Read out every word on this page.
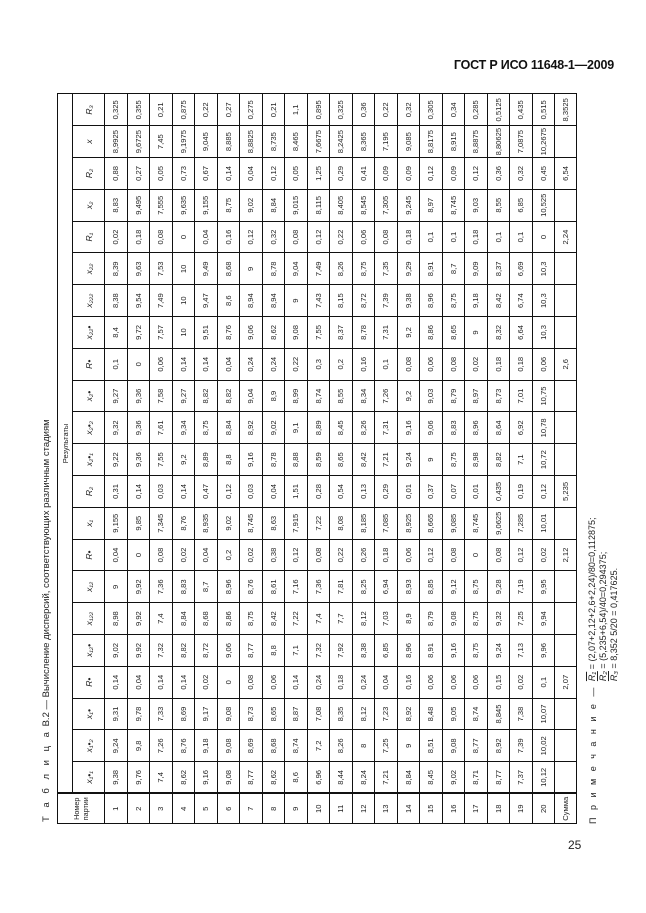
ГОСТ Р ИСО 11648-1—2009
Т а б л и ц а В.2 — Вычисление дисперсий, соответствующих различным стадиям
Номер партии	Результаты																					
	x₁•₁	x₁•₂	x₁•	R•	x₁₂•	x₁₂₂	x₁₂	R•	x₁	R₂	x₂•₁	x₂•₂	x₂•	R•	x₂₂•	x₂₂₂	x₂₂	R₁	x₂	R₂	x	R₃
1	9,38	9,24	9,31	0,14	9,02	8,98	9	0,04	9,155	0,31	9,22	9,32	9,27	0,1	8,4	8,38	8,39	0,02	8,83	0,88	8,9925	0,325
2	9,76	9,8	9,78	0,04	9,92	9,92	9,92	0	9,85	0,14	9,36	9,36	9,36	0	9,72	9,54	9,63	0,18	9,495	0,27	9,6725	0,355
3	7,4	7,26	7,33	0,14	7,32	7,4	7,36	0,08	7,345	0,03	7,55	7,61	7,58	0,06	7,57	7,49	7,53	0,08	7,555	0,05	7,45	0,21
4	8,62	8,76	8,69	0,14	8,82	8,84	8,83	0,02	8,76	0,14	9,2	9,34	9,27	0,14	10	10	10	0	9,635	0,73	9,1975	0,875
5	9,16	9,18	9,17	0,02	8,72	8,68	8,7	0,04	8,935	0,47	8,89	8,75	8,82	0,14	9,51	9,47	9,49	0,04	9,155	0,67	9,045	0,22
6	9,08	9,08	9,08	0	9,06	8,86	8,96	0,2	9,02	0,12	8,8	8,84	8,82	0,04	8,76	8,6	8,68	0,16	8,75	0,14	8,885	0,27
7	8,77	8,69	8,73	0,08	8,77	8,75	8,76	0,02	8,745	0,03	9,16	8,92	9,04	0,24	9,06	8,94	9	0,12	9,02	0,04	8,8825	0,275
8	8,62	8,68	8,65	0,06	8,8	8,42	8,61	0,38	8,63	0,04	8,78	9,02	8,9	0,24	8,62	8,94	8,78	0,32	8,84	0,12	8,735	0,21
9	8,6	8,74	8,87	0,14	7,1	7,22	7,16	0,12	7,915	1,51	8,88	9,1	8,99	0,22	9,08	9	9,04	0,08	9,015	0,05	8,465	1,1
10	6,96	7,2	7,08	0,24	7,32	7,4	7,36	0,08	7,22	0,28	8,59	8,89	8,74	0,3	7,55	7,43	7,49	0,12	8,115	1,25	7,6675	0,895
11	8,44	8,26	8,35	0,18	7,92	7,7	7,81	0,22	8,08	0,54	8,65	8,45	8,55	0,2	8,37	8,15	8,26	0,22	8,405	0,29	8,2425	0,325
12	8,24	8	8,12	0,24	8,38	8,12	8,25	0,26	8,185	0,13	8,42	8,26	8,34	0,16	8,78	8,72	8,75	0,06	8,545	0,41	8,365	0,36
13	7,21	7,25	7,23	0,04	6,85	7,03	6,94	0,18	7,085	0,29	7,21	7,31	7,26	0,1	7,31	7,39	7,35	0,08	7,305	0,09	7,195	0,22
14	8,84	9	8,92	0,16	8,96	8,9	8,93	0,06	8,925	0,01	9,24	9,16	9,2	0,08	9,2	9,38	9,29	0,18	9,245	0,09	9,085	0,32
15	8,45	8,51	8,48	0,06	8,91	8,79	8,85	0,12	8,665	0,37	9	9,06	9,03	0,06	8,86	8,96	8,91	0,1	8,97	0,12	8,8175	0,305
16	9,02	9,08	9,05	0,06	9,16	9,08	9,12	0,08	9,085	0,07	8,75	8,83	8,79	0,08	8,65	8,75	8,7	0,1	8,745	0,09	8,915	0,34
17	8,71	8,77	8,74	0,06	8,75	8,75	8,75	0	8,745	0,01	8,98	8,96	8,97	0,02	9	9,18	9,09	0,18	9,03	0,12	8,8875	0,285
18	8,77	8,92	8,845	0,15	9,24	9,32	9,28	0,08	9,0625	0,435	8,82	8,64	8,73	0,18	8,32	8,42	8,37	0,1	8,55	0,36	8,80625	0,5125
19	7,37	7,39	7,38	0,02	7,13	7,25	7,19	0,12	7,285	0,19	7,1	6,92	7,01	0,18	6,64	6,74	6,69	0,1	6,85	0,32	7,0875	0,435
20	10,12	10,02	10,07	0,1	9,96	9,94	9,95	0,02	10,01	0,12	10,72	10,78	10,75	0,06	10,3	10,3	10,3	0	10,525	0,45	10,2675	0,515
Сумма				2,07				2,12		5,235				2,6				2,24		6,54		8,3525
П р и м е ч а н и е —
R₁ = (2,07+2,12+2,6+2,24)/80=0,112875;
R₂ = (5,235+6,54)/40=0,294375;
R₃ = 8,352 5/20 = 0,417625.
25
